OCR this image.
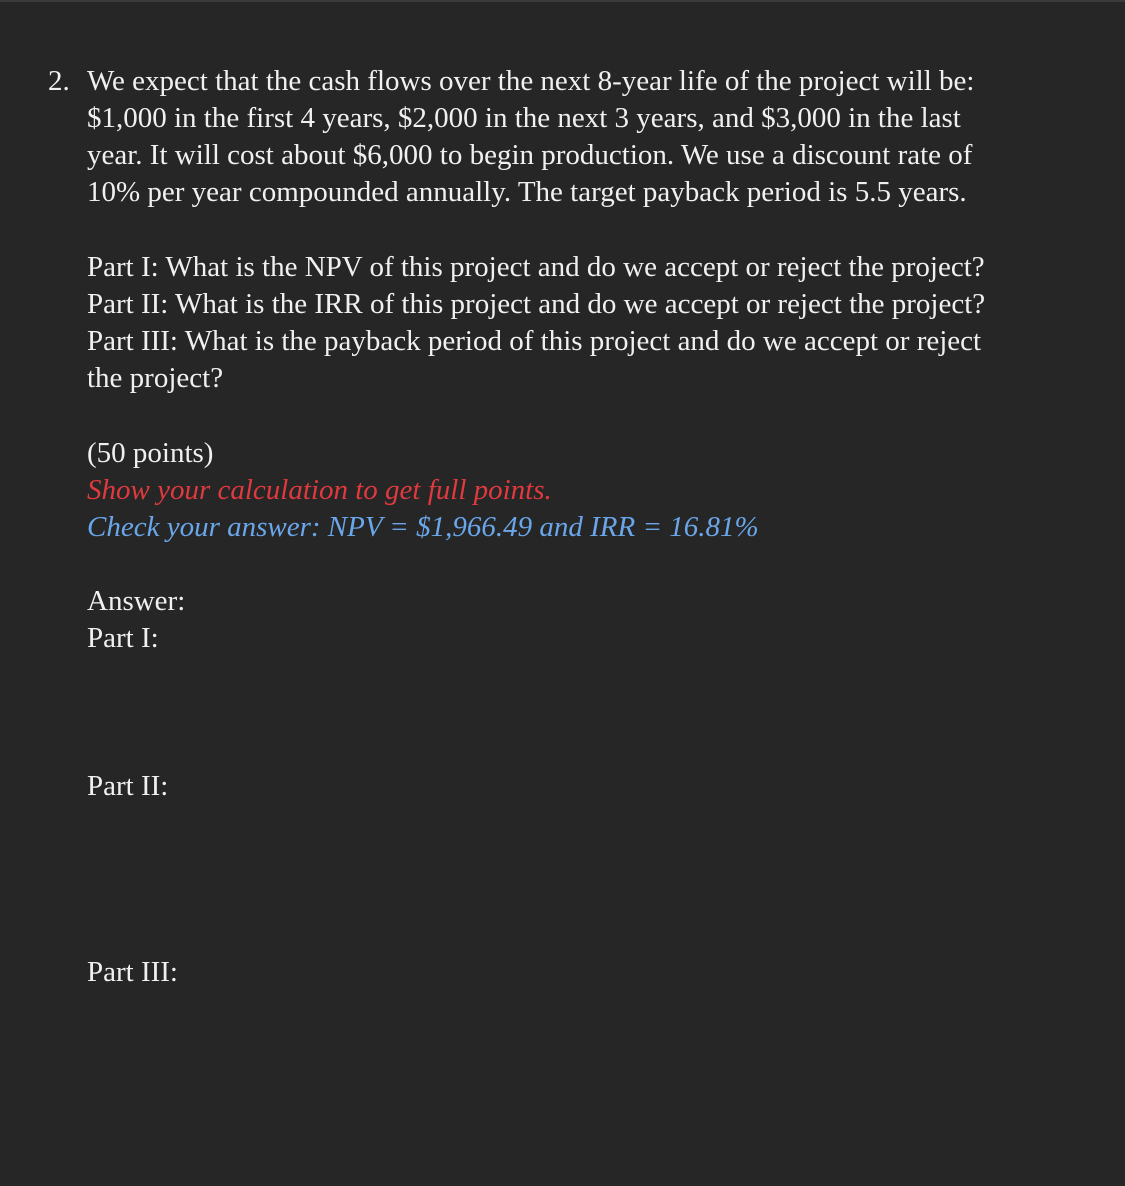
2. We expect that the cash flows over the next 8-year life of the project will be:

$1,000 in the first 4 years, $2,000 in the next 3 years, and $3,000 in the last

year. It will cost about $6,000 to begin production. We use a discount rate of

10% per year compounded annually. The target payback period is 5.5 years.

Part I: What is the NPV of this project and do we accept or reject the project?

Part II: What is the IRR of this project and do we accept or reject the project?

Part III: What is the payback period of this project and do we accept or reject

the project?

(50 points)

Show your calculation to get full points.

Check your answer: NPV = $1,966.49 and IRR = 16.81%

Answer:

Part I:

Part II:

Part III:
